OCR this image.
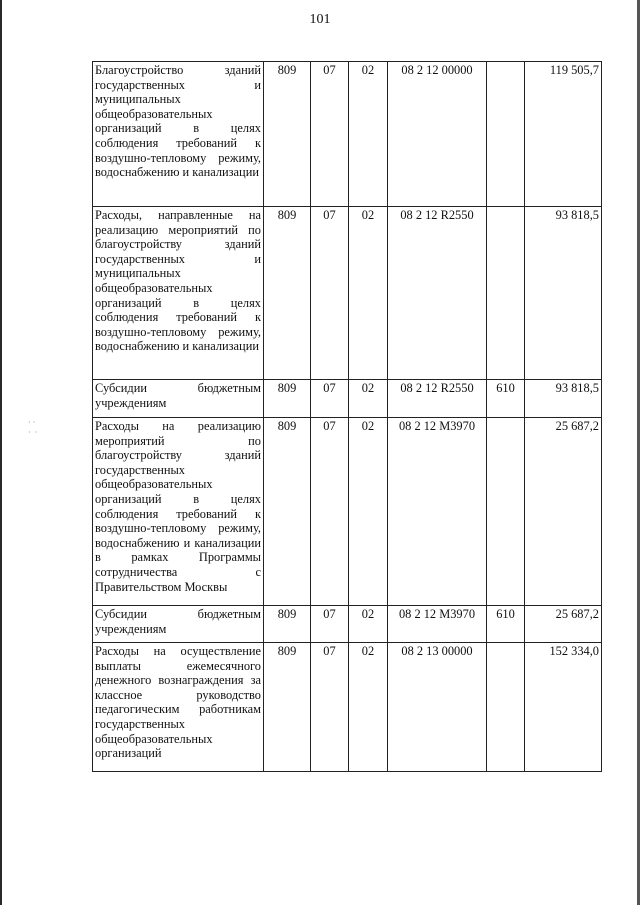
101
· ·
·  ·
Благоустройство зданий государственных и муниципальных общеобразовательных организаций в целях соблюдения требований к воздушно-тепловому режиму, водоснабжению и канализации	809	07	02	08 2 12 00000		119 505,7
Расходы, направленные на реализацию мероприятий по благоустройству зданий государственных и муниципальных общеобразовательных организаций в целях соблюдения требований к воздушно-тепловому режиму, водоснабжению и канализации	809	07	02	08 2 12 R2550		93 818,5
Субсидии бюджетным учреждениям	809	07	02	08 2 12 R2550	610	93 818,5
Расходы на реализацию мероприятий по благоустройству зданий государственных общеобразовательных организаций в целях соблюдения требований к воздушно-тепловому режиму, водоснабжению и канализации в рамках Программы сотрудничества с Правительством Москвы	809	07	02	08 2 12 М3970		25 687,2
Субсидии бюджетным учреждениям	809	07	02	08 2 12 М3970	610	25 687,2
Расходы на осуществление выплаты ежемесячного денежного вознаграждения за классное руководство педагогическим работникам государственных общеобразовательных организаций	809	07	02	08 2 13 00000		152 334,0
